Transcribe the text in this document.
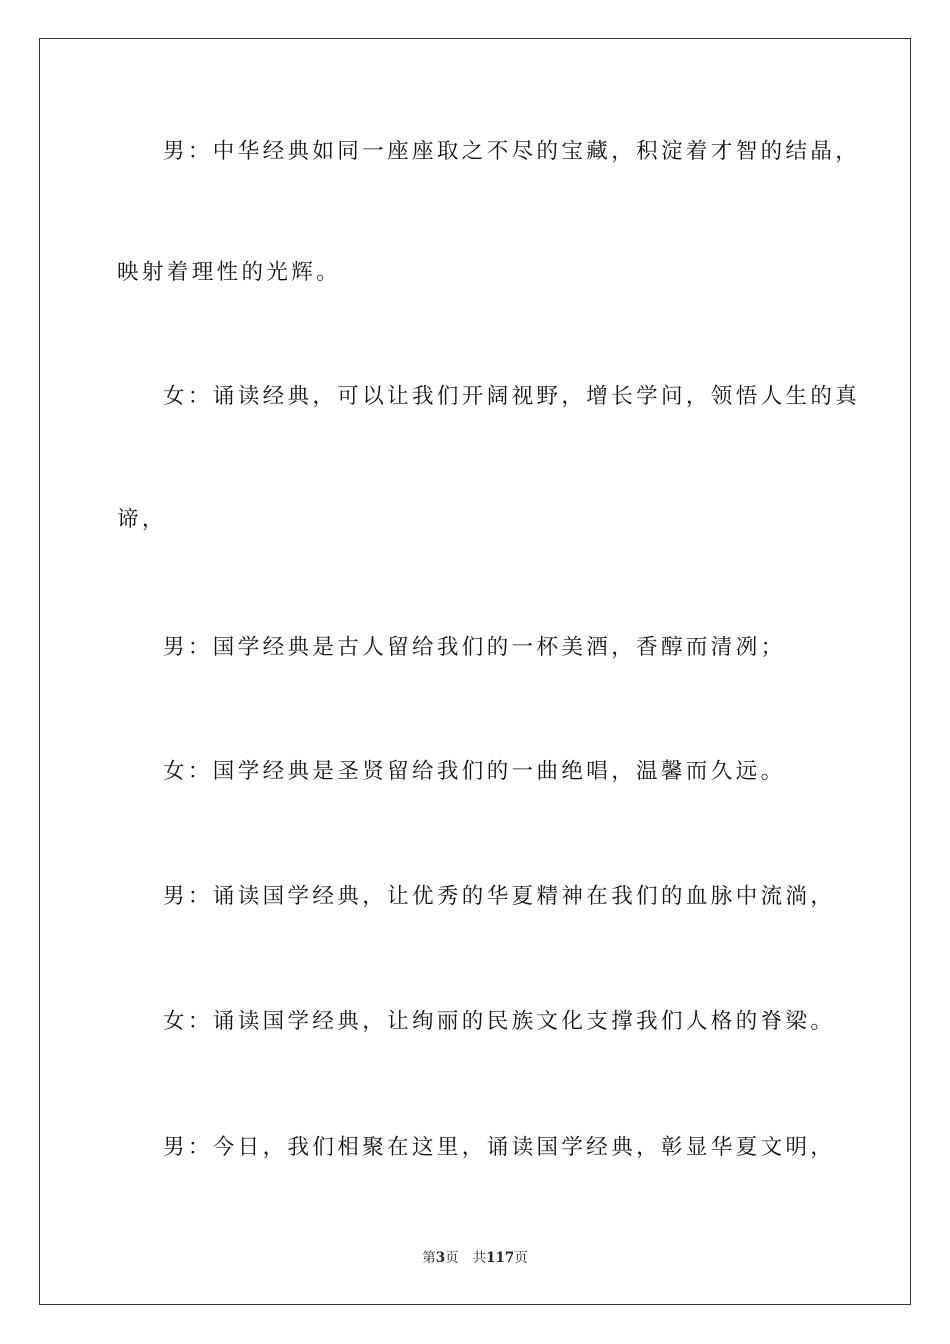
男：中华经典如同一座座取之不尽的宝藏，积淀着才智的结晶，
映射着理性的光辉。
女：诵读经典，可以让我们开阔视野，增长学问，领悟人生的真
谛，
男：国学经典是古人留给我们的一杯美酒，香醇而清冽；
女：国学经典是圣贤留给我们的一曲绝唱，温馨而久远。
男：诵读国学经典，让优秀的华夏精神在我们的血脉中流淌，
女：诵读国学经典，让绚丽的民族文化支撑我们人格的脊梁。
男：今日，我们相聚在这里，诵读国学经典，彰显华夏文明，
第3页 共117页
